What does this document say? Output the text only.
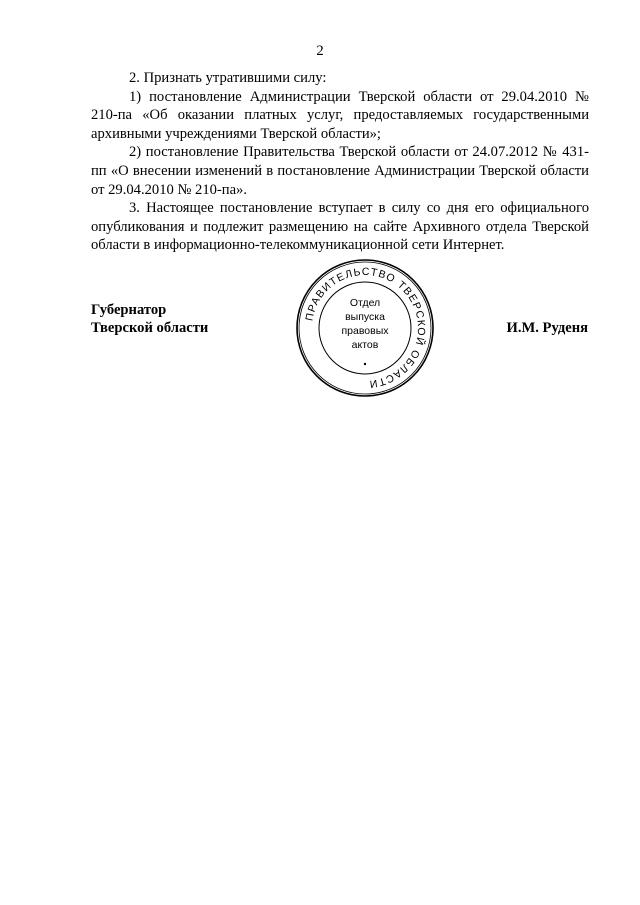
2

2. Признать утратившими силу:

1) постановление Администрации Тверской области от 29.04.2010 № 210-па «Об оказании платных услуг, предоставляемых государственными архивными учреждениями Тверской области»;

2) постановление Правительства Тверской области от 24.07.2012 № 431-пп «О внесении изменений в постановление Администрации Тверской области от 29.04.2010 № 210-па».

3. Настоящее постановление вступает в силу со дня его официального опубликования и подлежит размещению на сайте Архивного отдела Тверской области в информационно-телекоммуникационной сети Интернет.

Губернатор
Тверской области
ПРАВИТЕЛЬСТВО ТВЕРСКОЙ ОБЛАСТИ
Отдел
выпуска
правовых
актов
И.М. Руденя
